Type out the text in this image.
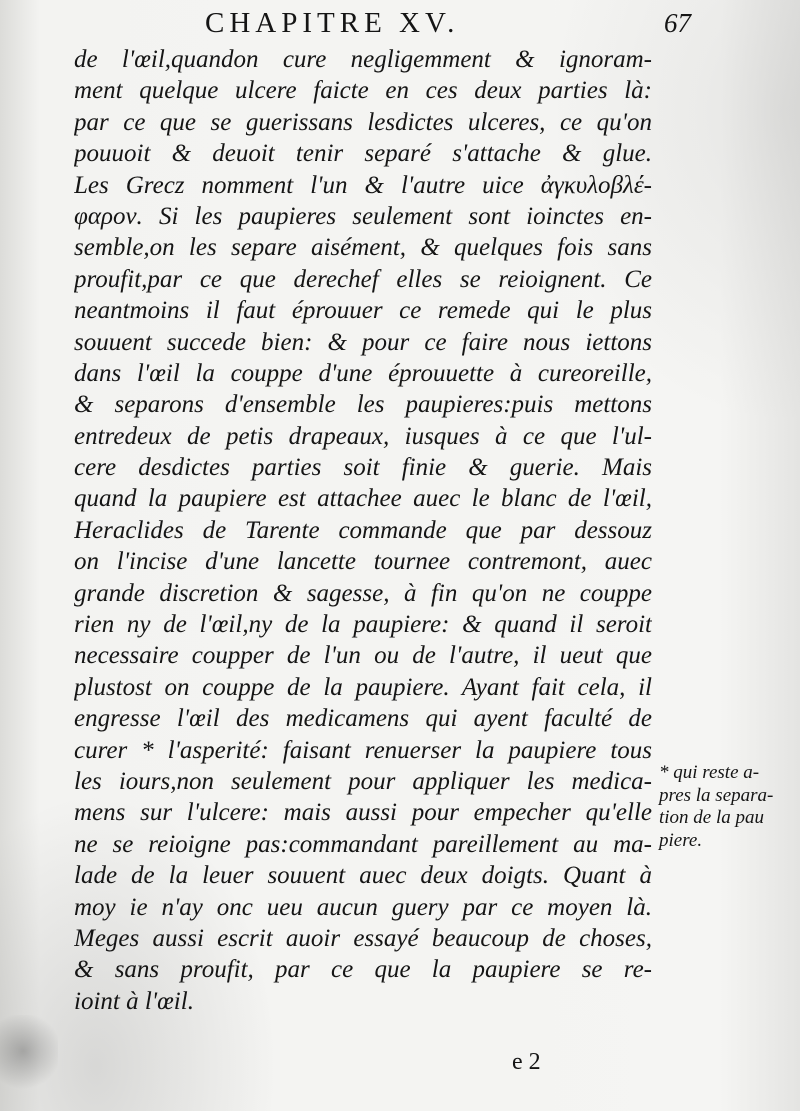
CHAPITRE XV.	67
de l'œil,quandon cure negligemment & ignoram-
ment quelque ulcere faicte en ces deux parties là:
par ce que se guerissans lesdictes ulceres, ce qu'on
pouuoit & deuoit tenir separé s'attache & glue.
Les Grecz nomment l'un & l'autre uice ἀγκυλοβλέ-
φαρον. Si les paupieres seulement sont ioinctes en-
semble,on les separe aisément, & quelques fois sans
proufit,par ce que derechef elles se reioignent. Ce
neantmoins il faut éprouuer ce remede qui le plus
souuent succede bien: & pour ce faire nous iettons
dans l'œil la couppe d'une éprouuette à cureoreille,
& separons d'ensemble les paupieres:puis mettons
entredeux de petis drapeaux, iusques à ce que l'ul-
cere desdictes parties soit finie & guerie. Mais
quand la paupiere est attachee auec le blanc de l'œil,
Heraclides de Tarente commande que par dessouz
on l'incise d'une lancette tournee contremont, auec
grande discretion & sagesse, à fin qu'on ne couppe
rien ny de l'œil,ny de la paupiere: & quand il seroit
necessaire coupper de l'un ou de l'autre, il ueut que
plustost on couppe de la paupiere. Ayant fait cela, il
engresse l'œil des medicamens qui ayent faculté de
curer * l'asperité: faisant renuerser la paupiere tous
les iours,non seulement pour appliquer les medica-
mens sur l'ulcere: mais aussi pour empecher qu'elle
ne se reioigne pas:commandant pareillement au ma-
lade de la leuer souuent auec deux doigts. Quant à
moy ie n'ay onc ueu aucun guery par ce moyen là.
Meges aussi escrit auoir essayé beaucoup de choses,
& sans proufit, par ce que la paupiere se re-
ioint à l'œil.
* qui reste a-
pres la separa-
tion de la pau
piere.
e 2
